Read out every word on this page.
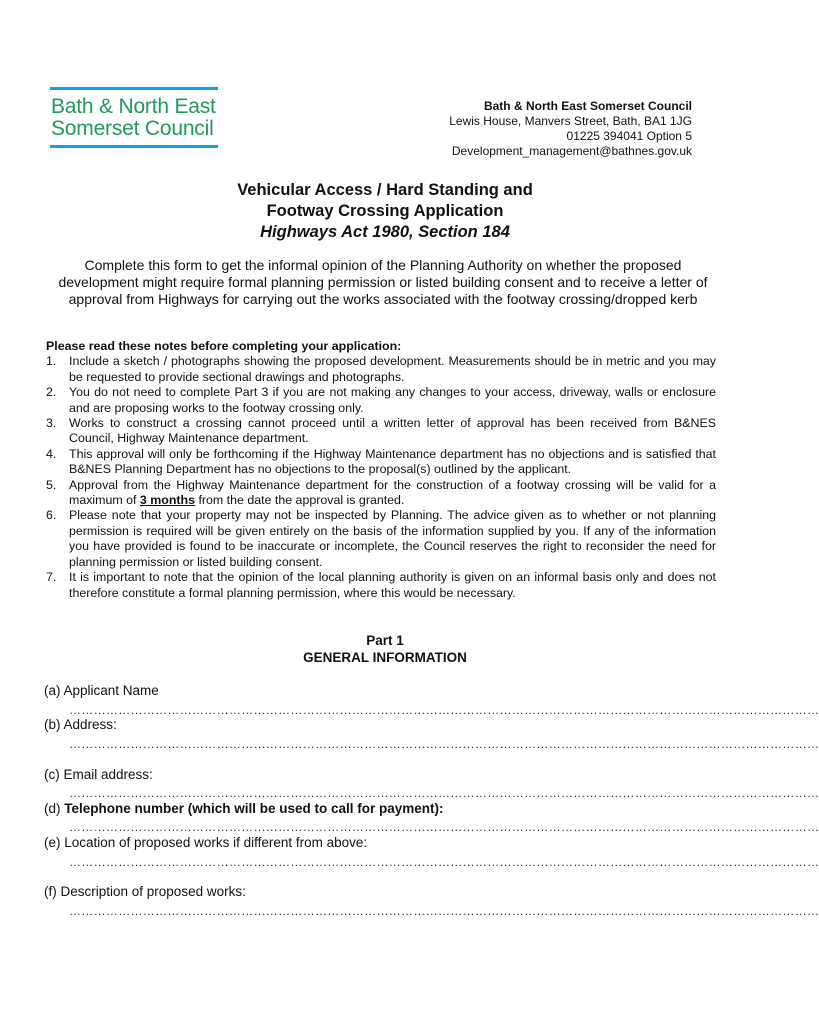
Bath & North East
Somerset Council
Bath & North East Somerset Council
Lewis House, Manvers Street, Bath, BA1 1JG
01225 394041 Option 5
Development_management@bathnes.gov.uk
Vehicular Access / Hard Standing and
Footway Crossing Application
Highways Act 1980, Section 184
Complete this form to get the informal opinion of the Planning Authority on whether the proposed development might require formal planning permission or listed building consent and to receive a letter of approval from Highways for carrying out the works associated with the footway crossing/dropped kerb
Please read these notes before completing your application:
1. Include a sketch / photographs showing the proposed development. Measurements should be in metric and you may be requested to provide sectional drawings and photographs.
2. You do not need to complete Part 3 if you are not making any changes to your access, driveway, walls or enclosure and are proposing works to the footway crossing only.
3. Works to construct a crossing cannot proceed until a written letter of approval has been received from B&NES Council, Highway Maintenance department.
4. This approval will only be forthcoming if the Highway Maintenance department has no objections and is satisfied that B&NES Planning Department has no objections to the proposal(s) outlined by the applicant.
5. Approval from the Highway Maintenance department for the construction of a footway crossing will be valid for a maximum of 3 months from the date the approval is granted.
6. Please note that your property may not be inspected by Planning. The advice given as to whether or not planning permission is required will be given entirely on the basis of the information supplied by you. If any of the information you have provided is found to be inaccurate or incomplete, the Council reserves the right to reconsider the need for planning permission or listed building consent.
7. It is important to note that the opinion of the local planning authority is given on an informal basis only and does not therefore constitute a formal planning permission, where this would be necessary.
Part 1
GENERAL INFORMATION
(a) Applicant Name
…………………………………………………………………………………………………………………………………………………………………
(b) Address:
…………………………………………………………………………………………………………………………………………………………………
(c) Email address:
…………………………………………………………………………………………………………………………………………………………………
(d) Telephone number (which will be used to call for payment):
…………………………………………………………………………………………………………………………………………………………………
(e) Location of proposed works if different from above:
…………………………………………………………………………………………………………………………………………………………………
(f) Description of proposed works:
…………………………………………………………………………………………………………………………………………………………………
